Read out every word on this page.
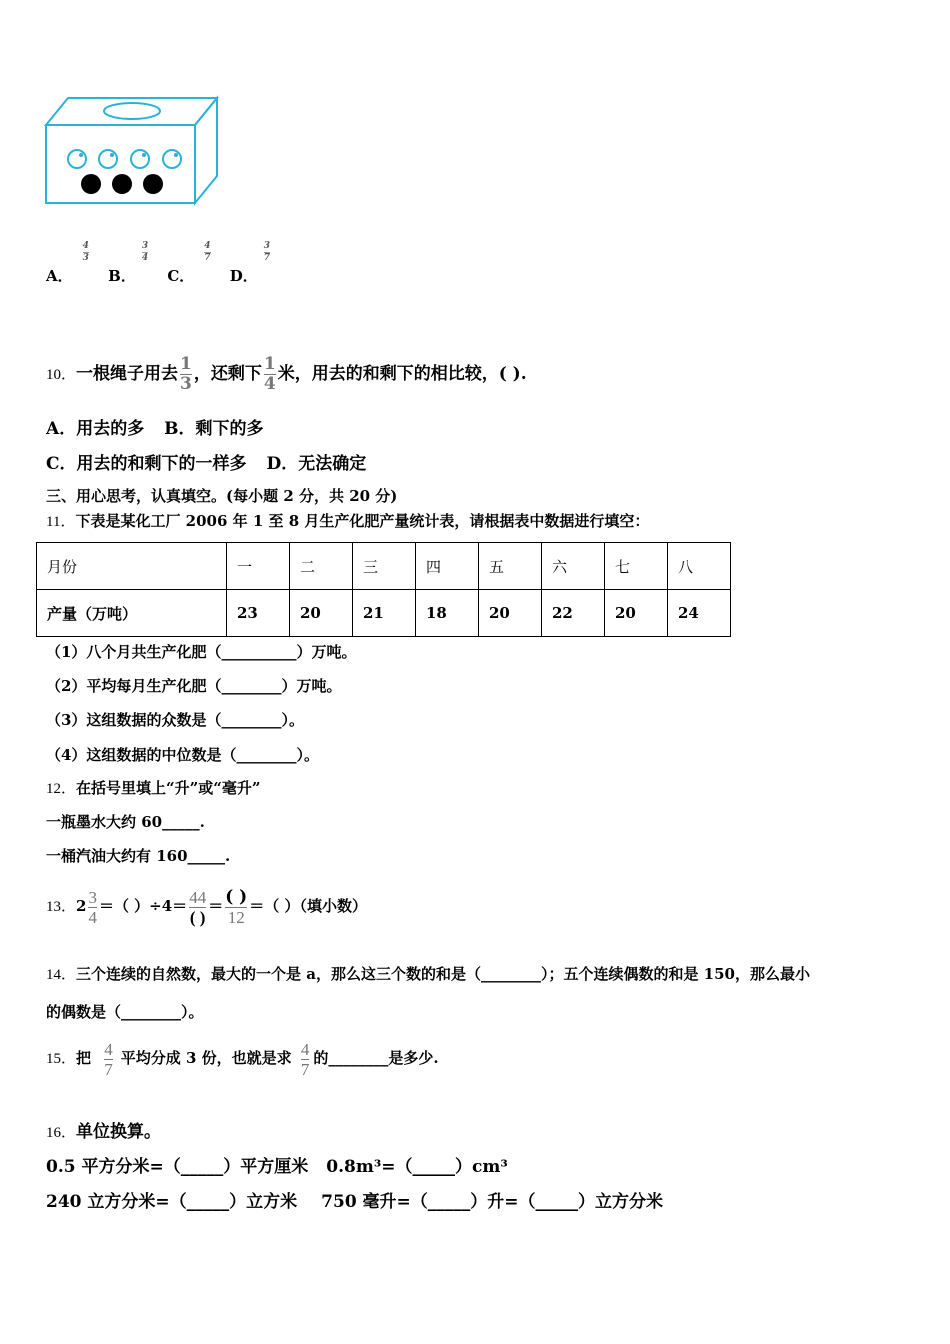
A．
$\frac{4}{3}$
B．
$\frac{3}{4}$
C．
$\frac{4}{7}$
D．
$\frac{3}{7}$
10．一根绳子用去 $\frac{1}{3}$ ，还剩下 $\frac{1}{4}$ 米，用去的和剩下的相比较，( ).
A．用去的多 B．剩下的多
C．用去的和剩下的一样多 D．无法确定
三、用心思考，认真填空。(每小题 2 分，共 20 分)
11．下表是某化工厂 2006 年 1 至 8 月生产化肥产量统计表，请根据表中数据进行填空：
月份	一	二	三	四	五	六	七	八
产量（万吨）	23	20	21	18	20	22	20	24
（1）八个月共生产化肥（__________）万吨。
（2）平均每月生产化肥（________）万吨。
（3）这组数据的众数是（________）。
（4）这组数据的中位数是（________）。
12．在括号里填上“升”或“毫升”
一瓶墨水大约 60_____.
一桶汽油大约有 160_____.
13．$2 \frac{3}{4}$ ＝（ ）$\div 4= \frac{44}{( )} = \frac{( )}{12}$ ＝（ ）（填小数）
14．三个连续的自然数，最大的一个是 a，那么这三个数的和是（________）；五个连续偶数的和是 150，那么最小
的偶数是（________）。
15．把 $\frac{4}{7}$ 平均分成 3 份，也就是求 $\frac{4}{7}$ 的________是多少.
16．单位换算。
0.5 平方分米=（_____）平方厘米 0.8m³=（_____）cm³
240 立方分米=（_____）立方米 750 毫升=（_____）升=（_____）立方分米
